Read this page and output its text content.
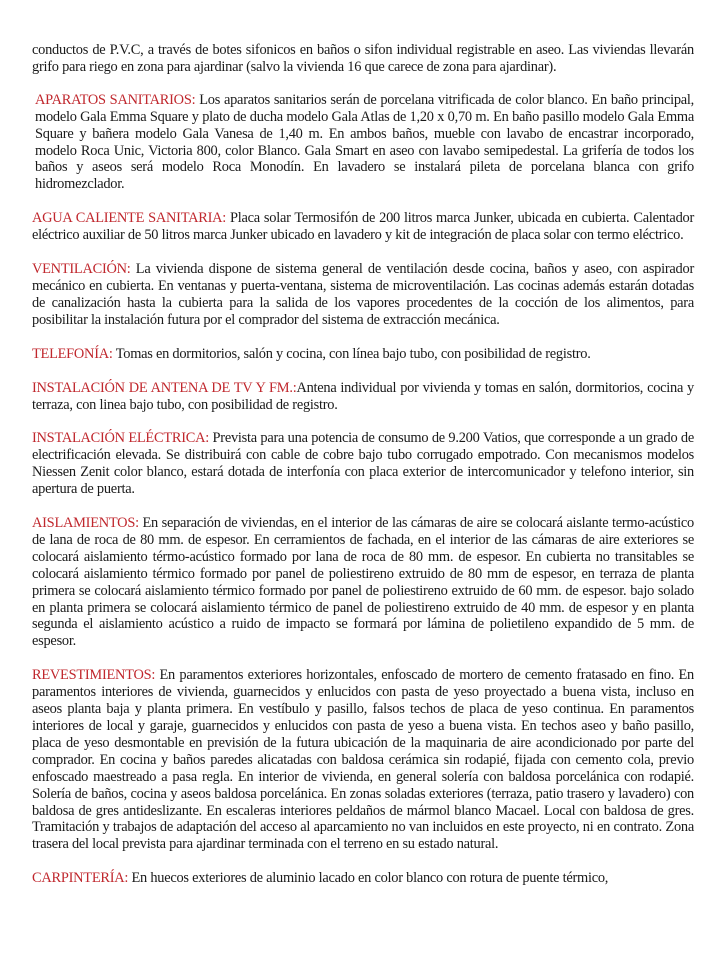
conductos de P.V.C, a través de botes sifonicos en baños o sifon individual registrable en aseo. Las viviendas llevarán grifo para riego en zona para ajardinar (salvo la vivienda 16 que carece de zona para ajardinar).

APARATOS SANITARIOS: Los aparatos sanitarios serán de porcelana vitrificada de color blanco. En baño principal, modelo Gala Emma Square y plato de ducha modelo Gala Atlas de 1,20 x 0,70 m. En baño pasillo modelo Gala Emma Square y bañera modelo Gala Vanesa de 1,40 m. En ambos baños, mueble con lavabo de encastrar incorporado, modelo Roca Unic, Victoria 800, color Blanco. Gala Smart en aseo con lavabo semipedestal. La grifería de todos los baños y aseos será modelo Roca Monodín. En lavadero se instalará pileta de porcelana blanca con grifo hidromezclador.

AGUA CALIENTE SANITARIA: Placa solar Termosifón de 200 litros marca Junker, ubicada en cubierta. Calentador eléctrico auxiliar de 50 litros marca Junker ubicado en lavadero y kit de integración de placa solar con termo eléctrico.

VENTILACIÓN: La vivienda dispone de sistema general de ventilación desde cocina, baños y aseo, con aspirador mecánico en cubierta. En ventanas y puerta-ventana, sistema de microventilación. Las cocinas además estarán dotadas de canalización hasta la cubierta para la salida de los vapores procedentes de la cocción de los alimentos, para posibilitar la instalación futura por el comprador del sistema de extracción mecánica.

TELEFONÍA: Tomas en dormitorios, salón y cocina, con línea bajo tubo, con posibilidad de registro.

INSTALACIÓN DE ANTENA DE TV Y FM.:Antena individual por vivienda y tomas en salón, dormitorios, cocina y terraza, con linea bajo tubo, con posibilidad de registro.

INSTALACIÓN ELÉCTRICA: Prevista para una potencia de consumo de 9.200 Vatios, que corresponde a un grado de electrificación elevada. Se distribuirá con cable de cobre bajo tubo corrugado empotrado. Con mecanismos modelos Niessen Zenit color blanco, estará dotada de interfonía con placa exterior de intercomunicador y telefono interior, sin apertura de puerta.

AISLAMIENTOS: En separación de viviendas, en el interior de las cámaras de aire se colocará aislante termo-acústico de lana de roca de 80 mm. de espesor. En cerramientos de fachada, en el interior de las cámaras de aire exteriores se colocará aislamiento térmo-acústico formado por lana de roca de 80 mm. de espesor. En cubierta no transitables se colocará aislamiento térmico formado por panel de poliestireno extruido de 80 mm de espesor, en terraza de planta primera se colocará aislamiento térmico formado por panel de poliestireno extruido de 60 mm. de espesor. bajo solado en planta primera se colocará aislamiento térmico de panel de poliestireno extruido de 40 mm. de espesor y en planta segunda el aislamiento acústico a ruido de impacto se formará por lámina de polietileno expandido de 5 mm. de espesor.

REVESTIMIENTOS: En paramentos exteriores horizontales, enfoscado de mortero de cemento fratasado en fino. En paramentos interiores de vivienda, guarnecidos y enlucidos con pasta de yeso proyectado a buena vista, incluso en aseos planta baja y planta primera. En vestíbulo y pasillo, falsos techos de placa de yeso continua. En paramentos interiores de local y garaje, guarnecidos y enlucidos con pasta de yeso a buena vista. En techos aseo y baño pasillo, placa de yeso desmontable en previsión de la futura ubicación de la maquinaria de aire acondicionado por parte del comprador. En cocina y baños paredes alicatadas con baldosa cerámica sin rodapié, fijada con cemento cola, previo enfoscado maestreado a pasa regla. En interior de vivienda, en general solería con baldosa porcelánica con rodapié. Solería de baños, cocina y aseos baldosa porcelánica. En zonas soladas exteriores (terraza, patio trasero y lavadero) con baldosa de gres antideslizante. En escaleras interiores peldaños de mármol blanco Macael. Local con baldosa de gres. Tramitación y trabajos de adaptación del acceso al aparcamiento no van incluidos en este proyecto, ni en contrato. Zona trasera del local prevista para ajardinar terminada con el terreno en su estado natural.

CARPINTERÍA: En huecos exteriores de aluminio lacado en color blanco con rotura de puente térmico,
